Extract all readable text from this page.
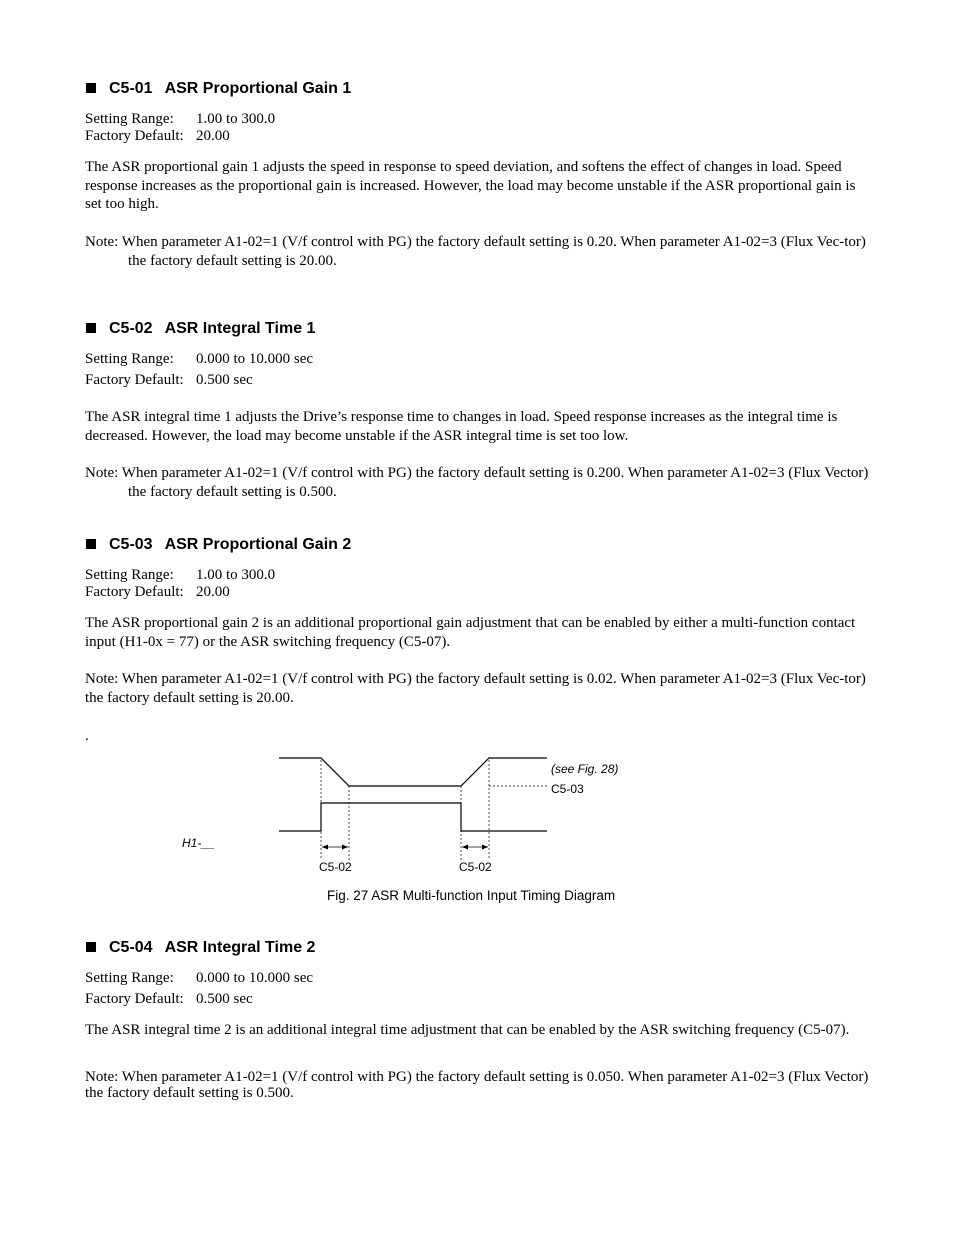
C5-01 ASR Proportional Gain 1
Setting Range: 1.00 to 300.0
Factory Default: 20.00
The ASR proportional gain 1 adjusts the speed in response to speed deviation, and softens the effect of changes in load. Speed response increases as the proportional gain is increased. However, the load may become unstable if the ASR proportional gain is set too high.
Note: When parameter A1-02=1 (V/f control with PG) the factory default setting is 0.20. When parameter A1-02=3 (Flux Vec-tor) the factory default setting is 20.00.
C5-02 ASR Integral Time 1
Setting Range: 0.000 to 10.000 sec
Factory Default: 0.500 sec
The ASR integral time 1 adjusts the Drive’s response time to changes in load. Speed response increases as the integral time is decreased. However, the load may become unstable if the ASR integral time is set too low.
Note: When parameter A1-02=1 (V/f control with PG) the factory default setting is 0.200. When parameter A1-02=3 (Flux Vector) the factory default setting is 0.500.
C5-03 ASR Proportional Gain 2
Setting Range: 1.00 to 300.0
Factory Default: 20.00
The ASR proportional gain 2 is an additional proportional gain adjustment that can be enabled by either a multi-function contact input (H1-0x = 77) or the ASR switching frequency (C5-07).
Note: When parameter A1-02=1 (V/f control with PG) the factory default setting is 0.02. When parameter A1-02=3 (Flux Vec-tor) the factory default setting is 20.00.
.
(see Fig. 28)
C5-03
H1-__
C5-02	C5-02
Fig. 27 ASR Multi-function Input Timing Diagram
C5-04 ASR Integral Time 2
Setting Range: 0.000 to 10.000 sec
Factory Default: 0.500 sec
The ASR integral time 2 is an additional integral time adjustment that can be enabled by the ASR switching frequency (C5-07).
Note: When parameter A1-02=1 (V/f control with PG) the factory default setting is 0.050. When parameter A1-02=3 (Flux Vector) the factory default setting is 0.500.
